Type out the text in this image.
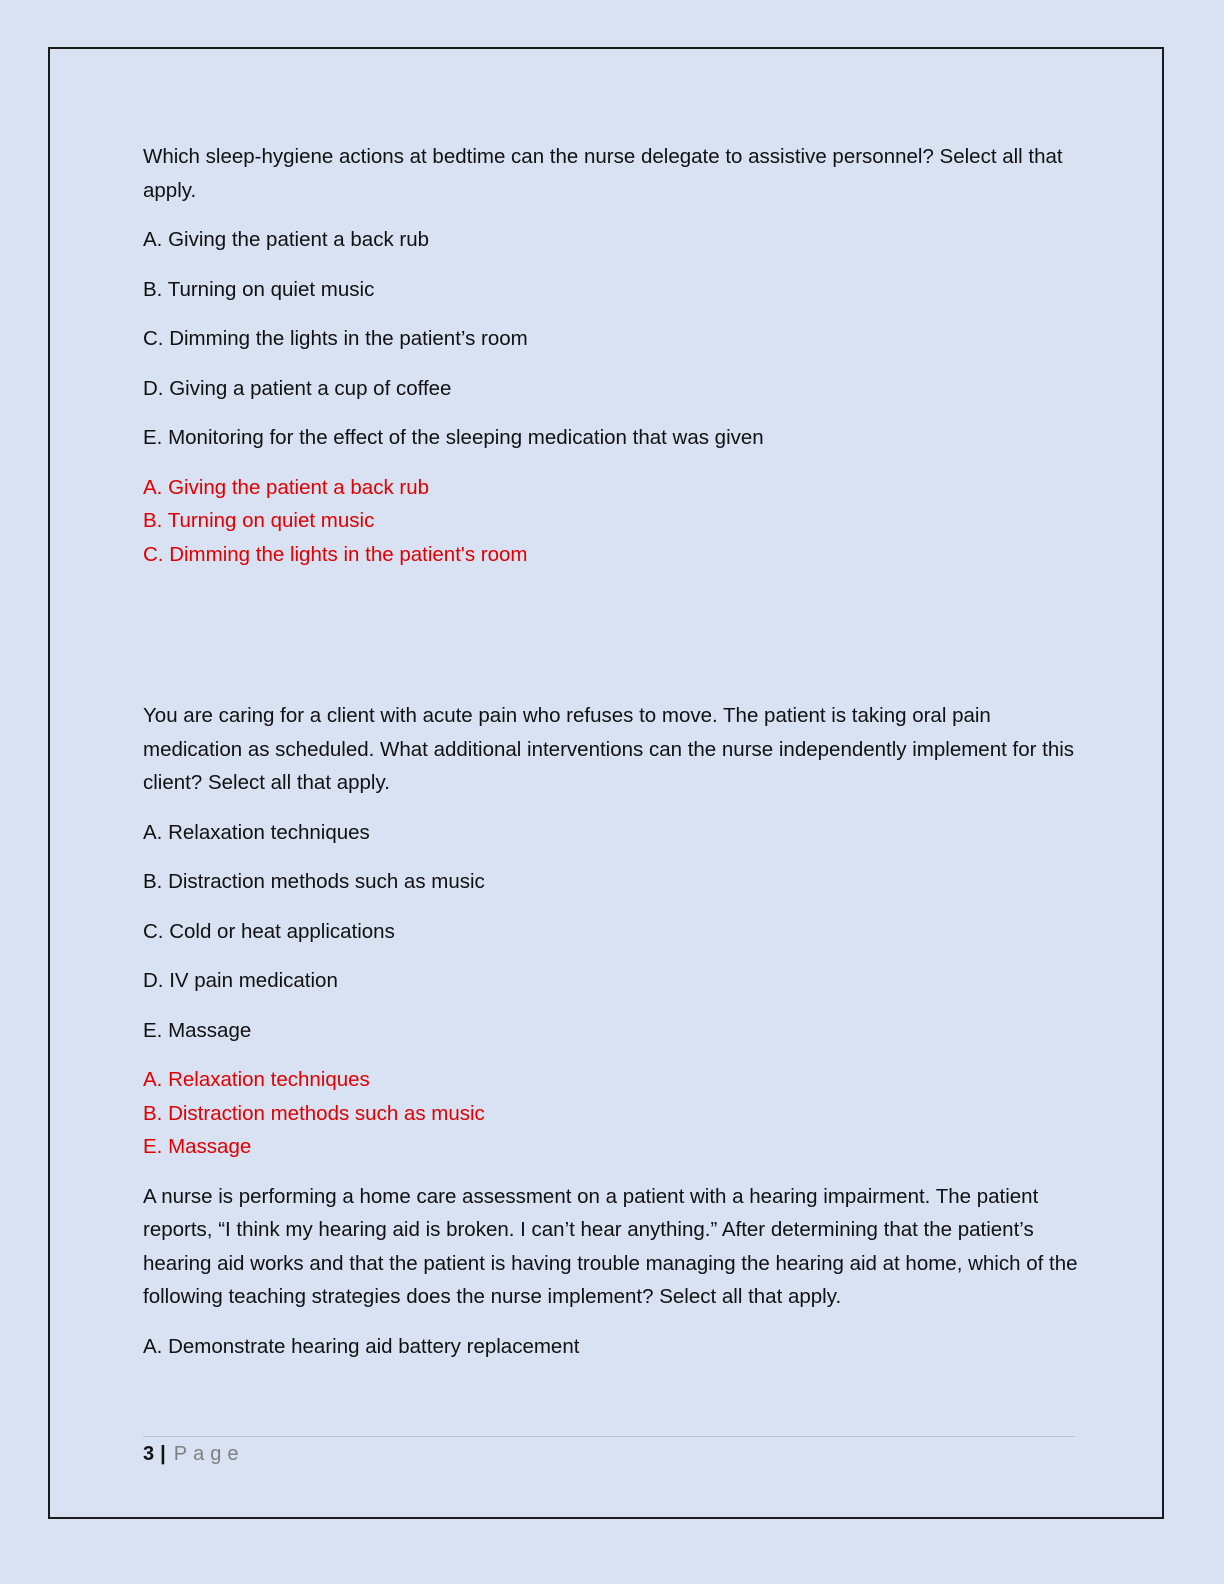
Which sleep-hygiene actions at bedtime can the nurse delegate to assistive personnel? Select all that apply.

A. Giving the patient a back rub

B. Turning on quiet music

C. Dimming the lights in the patient’s room

D. Giving a patient a cup of coffee

E. Monitoring for the effect of the sleeping medication that was given

A. Giving the patient a back rub

B. Turning on quiet music

C. Dimming the lights in the patient's room

You are caring for a client with acute pain who refuses to move. The patient is taking oral pain medication as scheduled. What additional interventions can the nurse independently implement for this client? Select all that apply.

A. Relaxation techniques

B. Distraction methods such as music

C. Cold or heat applications

D. IV pain medication

E. Massage

A. Relaxation techniques

B. Distraction methods such as music

E. Massage

A nurse is performing a home care assessment on a patient with a hearing impairment. The patient reports, “I think my hearing aid is broken. I can’t hear anything.” After determining that the patient’s hearing aid works and that the patient is having trouble managing the hearing aid at home, which of the following teaching strategies does the nurse implement? Select all that apply.

A. Demonstrate hearing aid battery replacement

3 | Page
